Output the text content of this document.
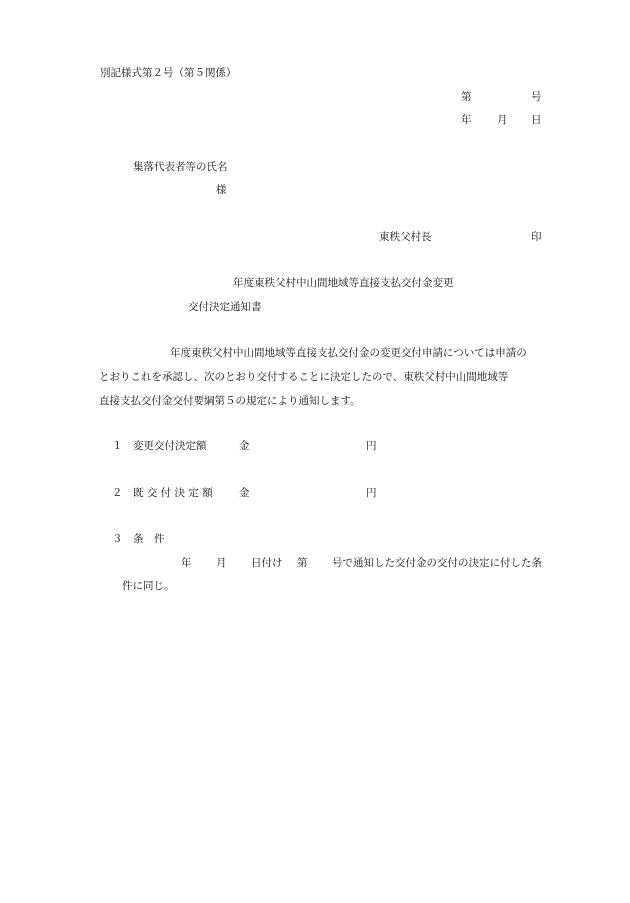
別記様式第２号（第５関係）
第	号
年 月 日
集落代表者等の氏名
様
東秩父村長	印
年度東秩父村中山間地域等直接支払交付金変更
交付決定通知書
年度東秩父村中山間地域等直接支払交付金の変更交付申請については申請の
とおりこれを承認し、次のとおり交付することに決定したので、東秩父村中山間地域等
直接支払交付金交付要綱第５の規定により通知します。
１ 変更交付決定額	金	円
２ 既 交 付 決 定 額	金	円
３ 条　件
年 月 日付け 第 号で通知した交付金の交付の決定に付した条
件に同じ。
